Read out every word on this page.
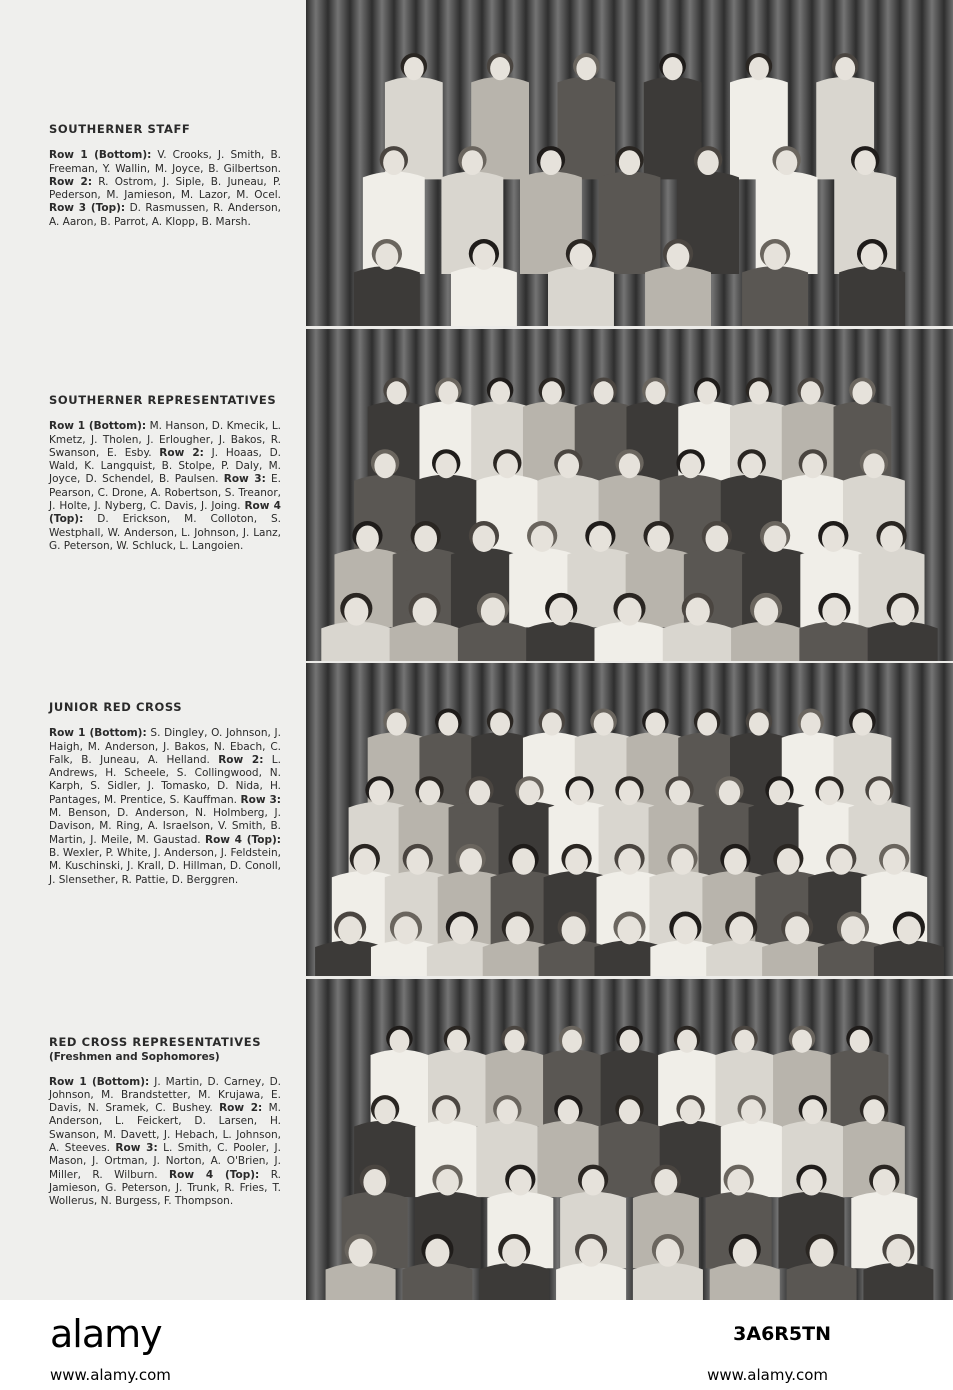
SOUTHERNER STAFF
Row 1 (Bottom): V. Crooks, J. Smith, B. Freeman, Y. Wallin, M. Joyce, B. Gilbertson. Row 2: R. Ostrom, J. Siple, B. Juneau, P. Pederson, M. Jamieson, M. Lazor, M. Ocel. Row 3 (Top): D. Rasmussen, R. Anderson, A. Aaron, B. Parrot, A. Klopp, B. Marsh.
SOUTHERNER REPRESENTATIVES
Row 1 (Bottom): M. Hanson, D. Kmecik, L. Kmetz, J. Tholen, J. Erlougher, J. Bakos, R. Swanson, E. Esby. Row 2: J. Hoaas, D. Wald, K. Langquist, B. Stolpe, P. Daly, M. Joyce, D. Schendel, B. Paulsen. Row 3: E. Pearson, C. Drone, A. Robertson, S. Treanor, J. Holte, J. Nyberg, C. Davis, J. Joing. Row 4 (Top): D. Erickson, M. Colloton, S. Westphall, W. Anderson, L. Johnson, J. Lanz, G. Peterson, W. Schluck, L. Langoien.
JUNIOR RED CROSS
Row 1 (Bottom): S. Dingley, O. Johnson, J. Haigh, M. Anderson, J. Bakos, N. Ebach, C. Falk, B. Juneau, A. Helland. Row 2: L. Andrews, H. Scheele, S. Collingwood, N. Karph, S. Sidler, J. Tomasko, D. Nida, H. Pantages, M. Prentice, S. Kauffman. Row 3: M. Benson, D. Anderson, N. Holmberg, J. Davison, M. Ring, A. Israelson, V. Smith, B. Martin, J. Meile, M. Gaustad. Row 4 (Top): B. Wexler, P. White, J. Anderson, J. Feldstein, M. Kuschinski, J. Krall, D. Hillman, D. Conoll, J. Slensether, R. Pattie, D. Berggren.
RED CROSS REPRESENTATIVES
(Freshmen and Sophomores)
Row 1 (Bottom): J. Martin, D. Carney, D. Johnson, M. Brandstetter, M. Krujawa, E. Davis, N. Sramek, C. Bushey. Row 2: M. Anderson, L. Feickert, D. Larsen, H. Swanson, M. Davett, J. Hebach, L. Johnson, A. Steeves. Row 3: L. Smith, C. Pooler, J. Mason, J. Ortman, J. Norton, A. O'Brien, J. Miller, R. Wilburn. Row 4 (Top): R. Jamieson, G. Peterson, J. Trunk, R. Fries, T. Wollerus, N. Burgess, F. Thompson.
alamy	3A6R5TN
www.alamy.com	www.alamy.com
